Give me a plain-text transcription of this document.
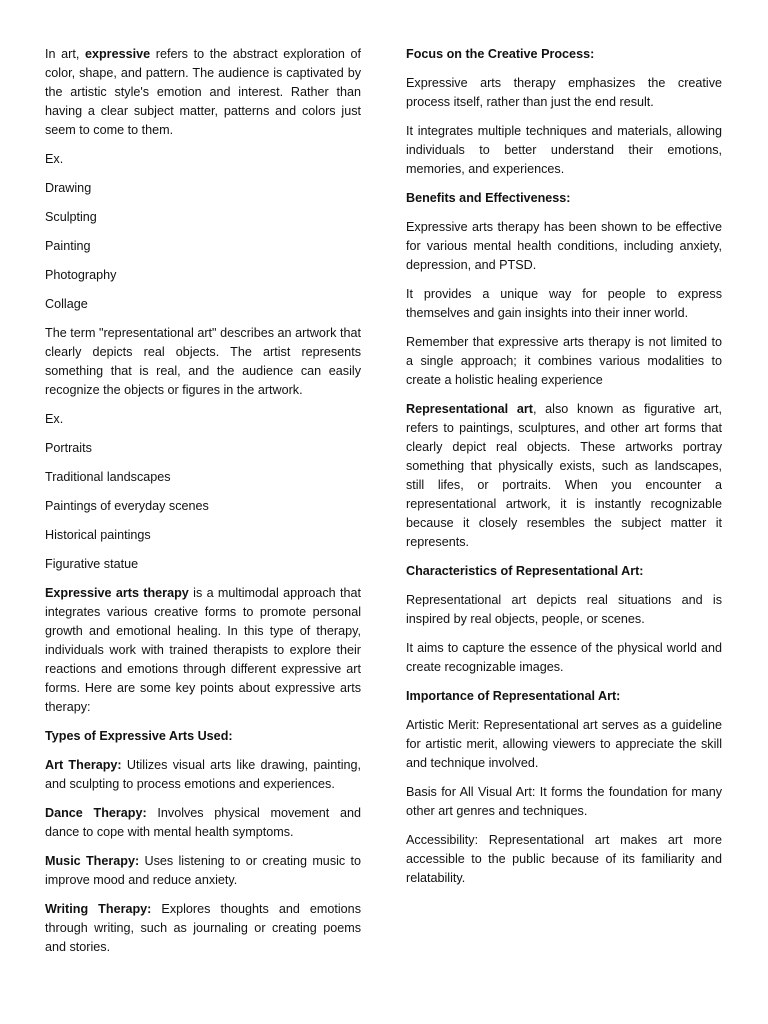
In art, expressive refers to the abstract exploration of color, shape, and pattern. The audience is captivated by the artistic style's emotion and interest. Rather than having a clear subject matter, patterns and colors just seem to come to them.

Ex.

Drawing

Sculpting

Painting

Photography

Collage

The term "representational art" describes an artwork that clearly depicts real objects. The artist represents something that is real, and the audience can easily recognize the objects or figures in the artwork.

Ex.

Portraits

Traditional landscapes

Paintings of everyday scenes

Historical paintings

Figurative statue

Expressive arts therapy is a multimodal approach that integrates various creative forms to promote personal growth and emotional healing. In this type of therapy, individuals work with trained therapists to explore their reactions and emotions through different expressive art forms. Here are some key points about expressive arts therapy:

Types of Expressive Arts Used:

Art Therapy: Utilizes visual arts like drawing, painting, and sculpting to process emotions and experiences.

Dance Therapy: Involves physical movement and dance to cope with mental health symptoms.

Music Therapy: Uses listening to or creating music to improve mood and reduce anxiety.

Writing Therapy: Explores thoughts and emotions through writing, such as journaling or creating poems and stories.

Focus on the Creative Process:

Expressive arts therapy emphasizes the creative process itself, rather than just the end result.

It integrates multiple techniques and materials, allowing individuals to better understand their emotions, memories, and experiences.

Benefits and Effectiveness:

Expressive arts therapy has been shown to be effective for various mental health conditions, including anxiety, depression, and PTSD.

It provides a unique way for people to express themselves and gain insights into their inner world.

Remember that expressive arts therapy is not limited to a single approach; it combines various modalities to create a holistic healing experience

Representational art, also known as figurative art, refers to paintings, sculptures, and other art forms that clearly depict real objects. These artworks portray something that physically exists, such as landscapes, still lifes, or portraits. When you encounter a representational artwork, it is instantly recognizable because it closely resembles the subject matter it represents.

Characteristics of Representational Art:

Representational art depicts real situations and is inspired by real objects, people, or scenes.

It aims to capture the essence of the physical world and create recognizable images.

Importance of Representational Art:

Artistic Merit: Representational art serves as a guideline for artistic merit, allowing viewers to appreciate the skill and technique involved.

Basis for All Visual Art: It forms the foundation for many other art genres and techniques.

Accessibility: Representational art makes art more accessible to the public because of its familiarity and relatability.
